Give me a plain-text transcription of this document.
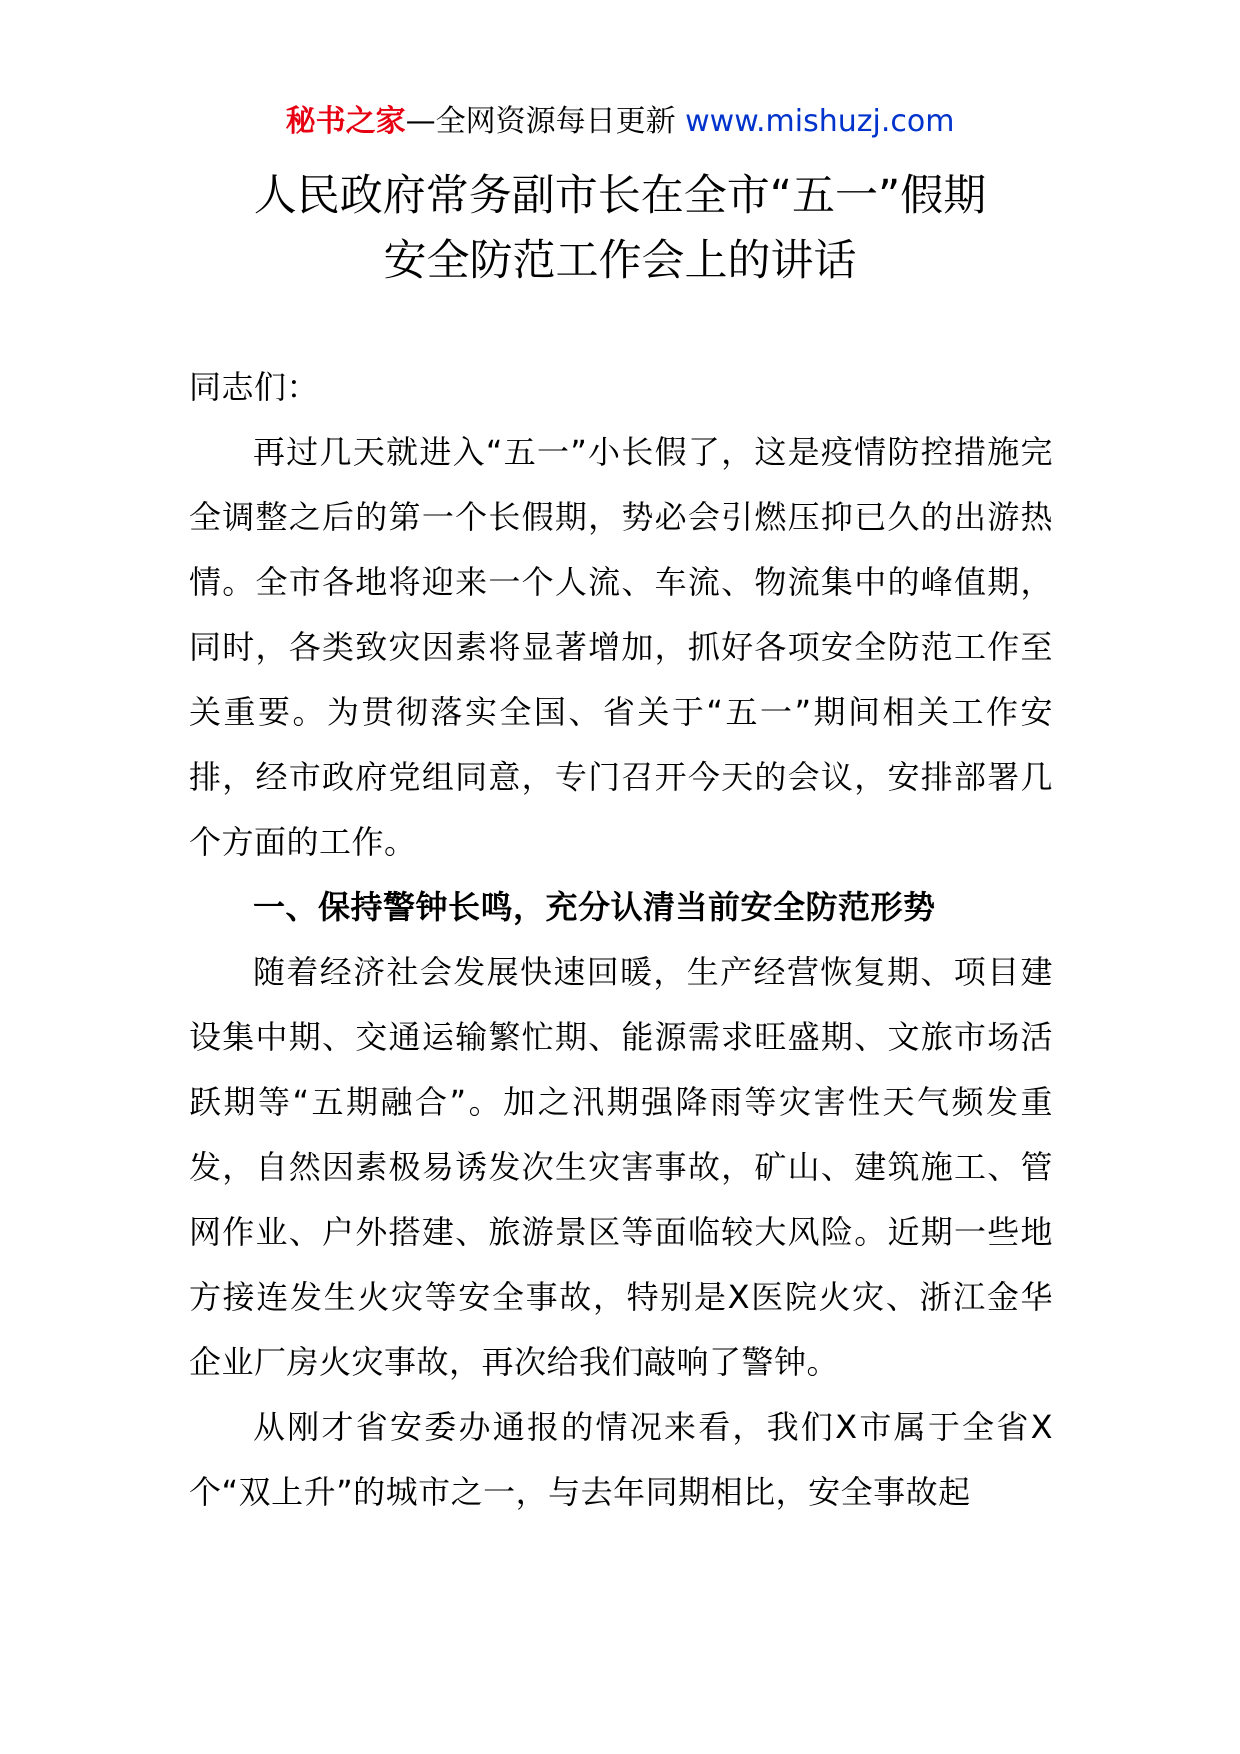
秘书之家—全网资源每日更新 www.mishuzj.com
人民政府常务副市长在全市“五一”假期
安全防范工作会上的讲话

同志们：

再过几天就进入“五一”小长假了，这是疫情防控措施完全调整之后的第一个长假期，势必会引燃压抑已久的出游热情。全市各地将迎来一个人流、车流、物流集中的峰值期，同时，各类致灾因素将显著增加，抓好各项安全防范工作至关重要。为贯彻落实全国、省关于“五一”期间相关工作安排，经市政府党组同意，专门召开今天的会议，安排部署几个方面的工作。

一、保持警钟长鸣，充分认清当前安全防范形势

随着经济社会发展快速回暖，生产经营恢复期、项目建设集中期、交通运输繁忙期、能源需求旺盛期、文旅市场活跃期等“五期融合”。加之汛期强降雨等灾害性天气频发重发，自然因素极易诱发次生灾害事故，矿山、建筑施工、管网作业、户外搭建、旅游景区等面临较大风险。近期一些地方接连发生火灾等安全事故，特别是X医院火灾、浙江金华企业厂房火灾事故，再次给我们敲响了警钟。

从刚才省安委办通报的情况来看，我们X市属于全省X个“双上升”的城市之一，与去年同期相比，安全事故起
